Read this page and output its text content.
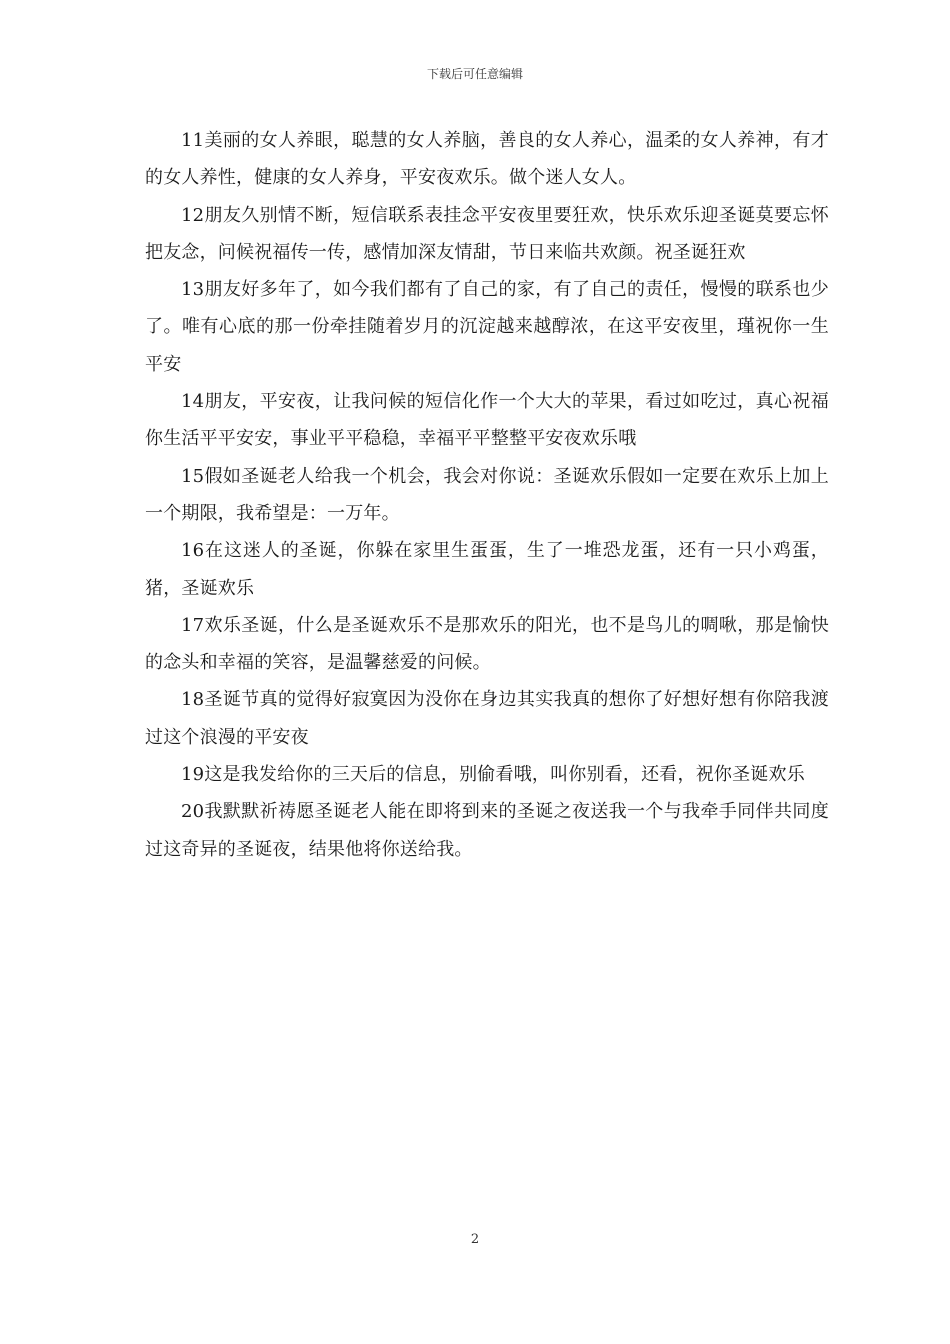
下载后可任意编辑

11美丽的女人养眼，聪慧的女人养脑，善良的女人养心，温柔的女人养神，有才的女人养性，健康的女人养身，平安夜欢乐。做个迷人女人。

12朋友久别情不断，短信联系表挂念平安夜里要狂欢，快乐欢乐迎圣诞莫要忘怀把友念，问候祝福传一传，感情加深友情甜，节日来临共欢颜。祝圣诞狂欢

13朋友好多年了，如今我们都有了自己的家，有了自己的责任，慢慢的联系也少了。唯有心底的那一份牵挂随着岁月的沉淀越来越醇浓，在这平安夜里，瑾祝你一生平安

14朋友，平安夜，让我问候的短信化作一个大大的苹果，看过如吃过，真心祝福你生活平平安安，事业平平稳稳，幸福平平整整平安夜欢乐哦

15假如圣诞老人给我一个机会，我会对你说：圣诞欢乐假如一定要在欢乐上加上一个期限，我希望是：一万年。

16在这迷人的圣诞，你躲在家里生蛋蛋，生了一堆恐龙蛋，还有一只小鸡蛋，猪，圣诞欢乐

17欢乐圣诞，什么是圣诞欢乐不是那欢乐的阳光，也不是鸟儿的啁啾，那是愉快的念头和幸福的笑容，是温馨慈爱的问候。

18圣诞节真的觉得好寂寞因为没你在身边其实我真的想你了好想好想有你陪我渡过这个浪漫的平安夜

19这是我发给你的三天后的信息，别偷看哦，叫你别看，还看，祝你圣诞欢乐

20我默默祈祷愿圣诞老人能在即将到来的圣诞之夜送我一个与我牵手同伴共同度过这奇异的圣诞夜，结果他将你送给我。

2
